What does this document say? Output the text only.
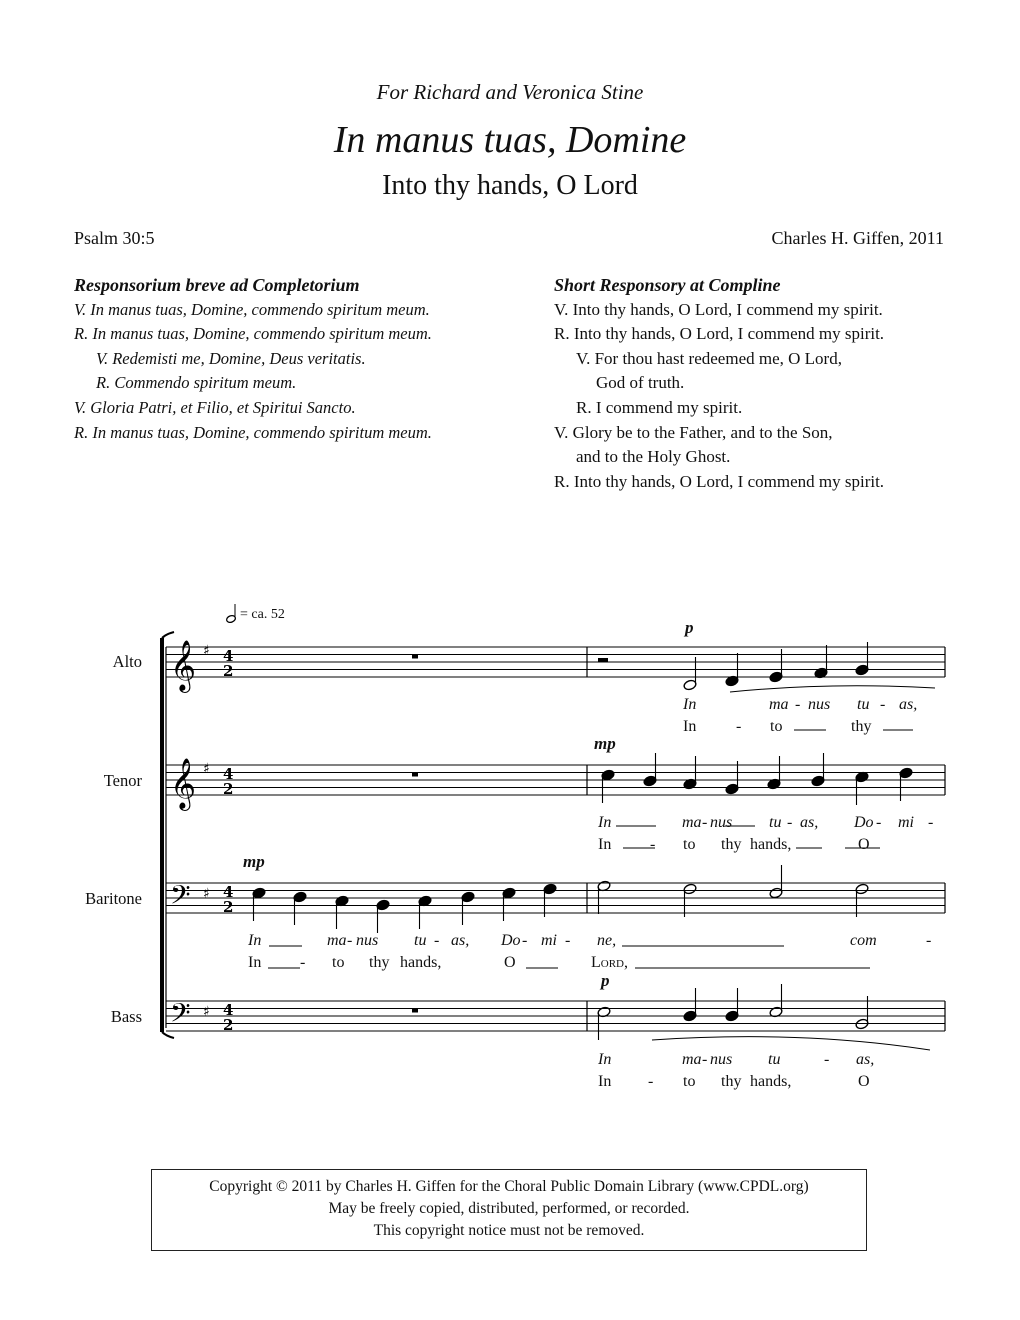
For Richard and Veronica Stine
In manus tuas, Domine
Into thy hands, O Lord
Psalm 30:5	Charles H. Giffen, 2011
Responsorium breve ad Completorium
V. In manus tuas, Domine, commendo spiritum meum.
R. In manus tuas, Domine, commendo spiritum meum.
V. Redemisti me, Domine, Deus veritatis.
R. Commendo spiritum meum.
V. Gloria Patri, et Filio, et Spiritui Sancto.
R. In manus tuas, Domine, commendo spiritum meum.
Short Responsory at Compline
V. Into thy hands, O Lord, I commend my spirit.
R. Into thy hands, O Lord, I commend my spirit.
V. For thou hast redeemed me, O Lord,
God of truth.
R. I commend my spirit.
V. Glory be to the Father, and to the Son,
and to the Holy Ghost.
R. Into thy hands, O Lord, I commend my spirit.
𝄞 ♯ 4
2
𝄞 ♯ 4
2
𝄢 ♯ 4
2
𝄢 ♯ 4
2
= ca. 52
Alto
Tenor
Baritone
Bass
p
mp
mp
p
In	ma - nus tu - as,
In - to	thy
In	ma - nus tu - as, Do - mi -
In - to thy hands,	O
In	ma - nus tu - as, Do - mi - ne,	com	-
In - to thy hands,	O	Lord,
In	ma - nus tu	- as,
In - to thy hands,	O
Copyright © 2011 by Charles H. Giffen for the Choral Public Domain Library (www.CPDL.org)
May be freely copied, distributed, performed, or recorded.
This copyright notice must not be removed.
